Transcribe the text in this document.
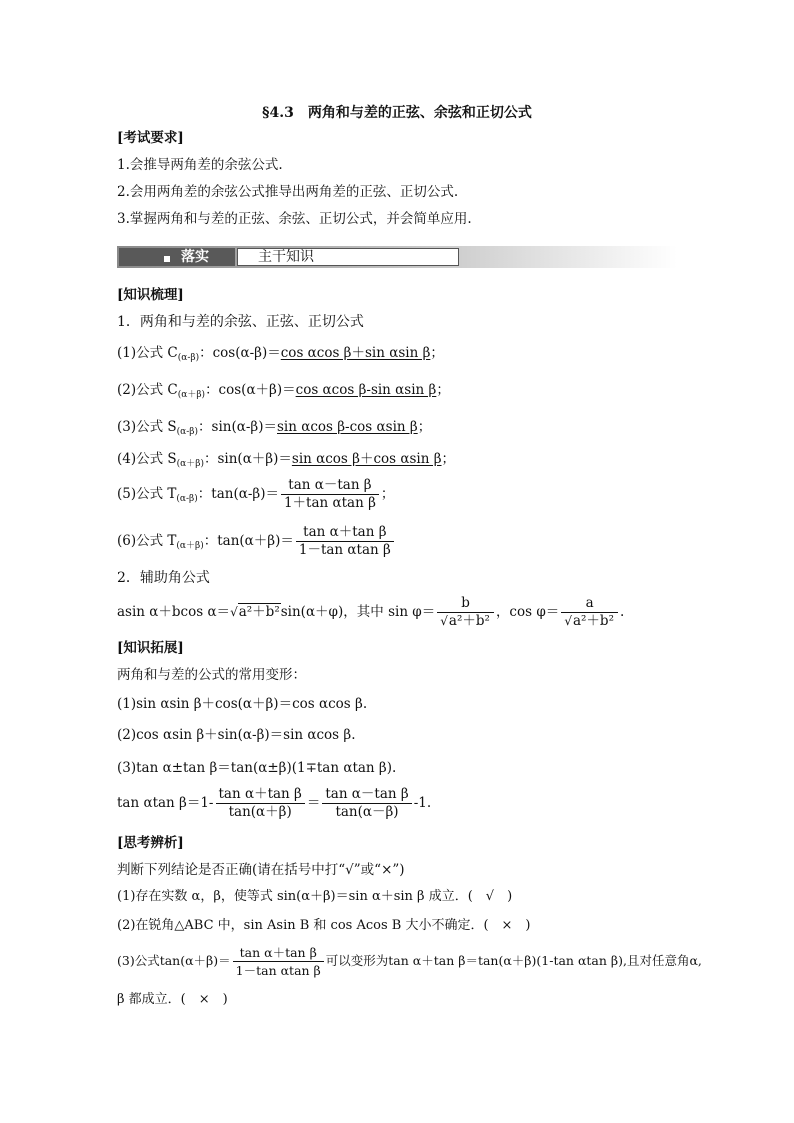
§4.3　两角和与差的正弦、余弦和正切公式
[考试要求]
1.会推导两角差的余弦公式.
2.会用两角差的余弦公式推导出两角差的正弦、正切公式.
3.掌握两角和与差的正弦、余弦、正切公式，并会简单应用.
落实	主干知识
[知识梳理]
1．两角和与差的余弦、正弦、正切公式
(1)公式 $C_{(\alpha-\beta)}$：cos(α-β)＝cos αcos β＋sin αsin β；
(2)公式 $C_{(\alpha+\beta)}$：cos(α＋β)＝cos αcos β-sin αsin β；
(3)公式 $S_{(\alpha-\beta)}$：sin(α-β)＝sin αcos β-cos αsin β；
(4)公式 $S_{(\alpha+\beta)}$：sin(α＋β)＝sin αcos β＋cos αsin β；
(5)公式 $T_{(\alpha-\beta)}$：$\tan(\alpha-\beta)= \frac{\text{tan α－tan β}}{\text{1＋tan αtan β}}$ ；
(6)公式 $T_{(\alpha+\beta)}$：$\tan(\alpha+\beta)= \frac{\text{tan α＋tan β}}{\text{1－tan αtan β}}$
2．辅助角公式
asin α＋bcos α＝√a²＋b²sin(α＋φ)，其中 $\sin \varphi= \frac{b}{\text{√a²＋b²}}$ ，$\cos \varphi= \frac{a}{\text{√a²＋b²}}$ .
[知识拓展]
两角和与差的公式的常用变形：
(1)sin αsin β＋cos(α＋β)＝cos αcos β.
(2)cos αsin β＋sin(α-β)＝sin αcos β.
(3)tan α±tan β＝tan(α±β)(1∓tan αtan β).
tan αtan $\beta=1- \frac{\text{tan α＋tan β}}{\tan(\alpha+\beta)} = \frac{\text{tan α－tan β}}{\tan(\alpha-\beta)} -1$.
[思考辨析]
判断下列结论是否正确(请在括号中打“√”或“×”)
(1)存在实数 α，β，使等式 sin(α＋β)＝sin α＋sin β 成立．(　√　)
(2)在锐角△ABC 中，sin Asin B 和 cos Acos B 大小不确定．(　×　)
(3)公式$\tan(\alpha+\beta)= \frac{\text{tan α＋tan β}}{\text{1－tan αtan β}}$ 可以变形为tan α＋tan β＝tan(α＋β)(1-tan αtan β),且对任意角α,
β 都成立．(　×　)
